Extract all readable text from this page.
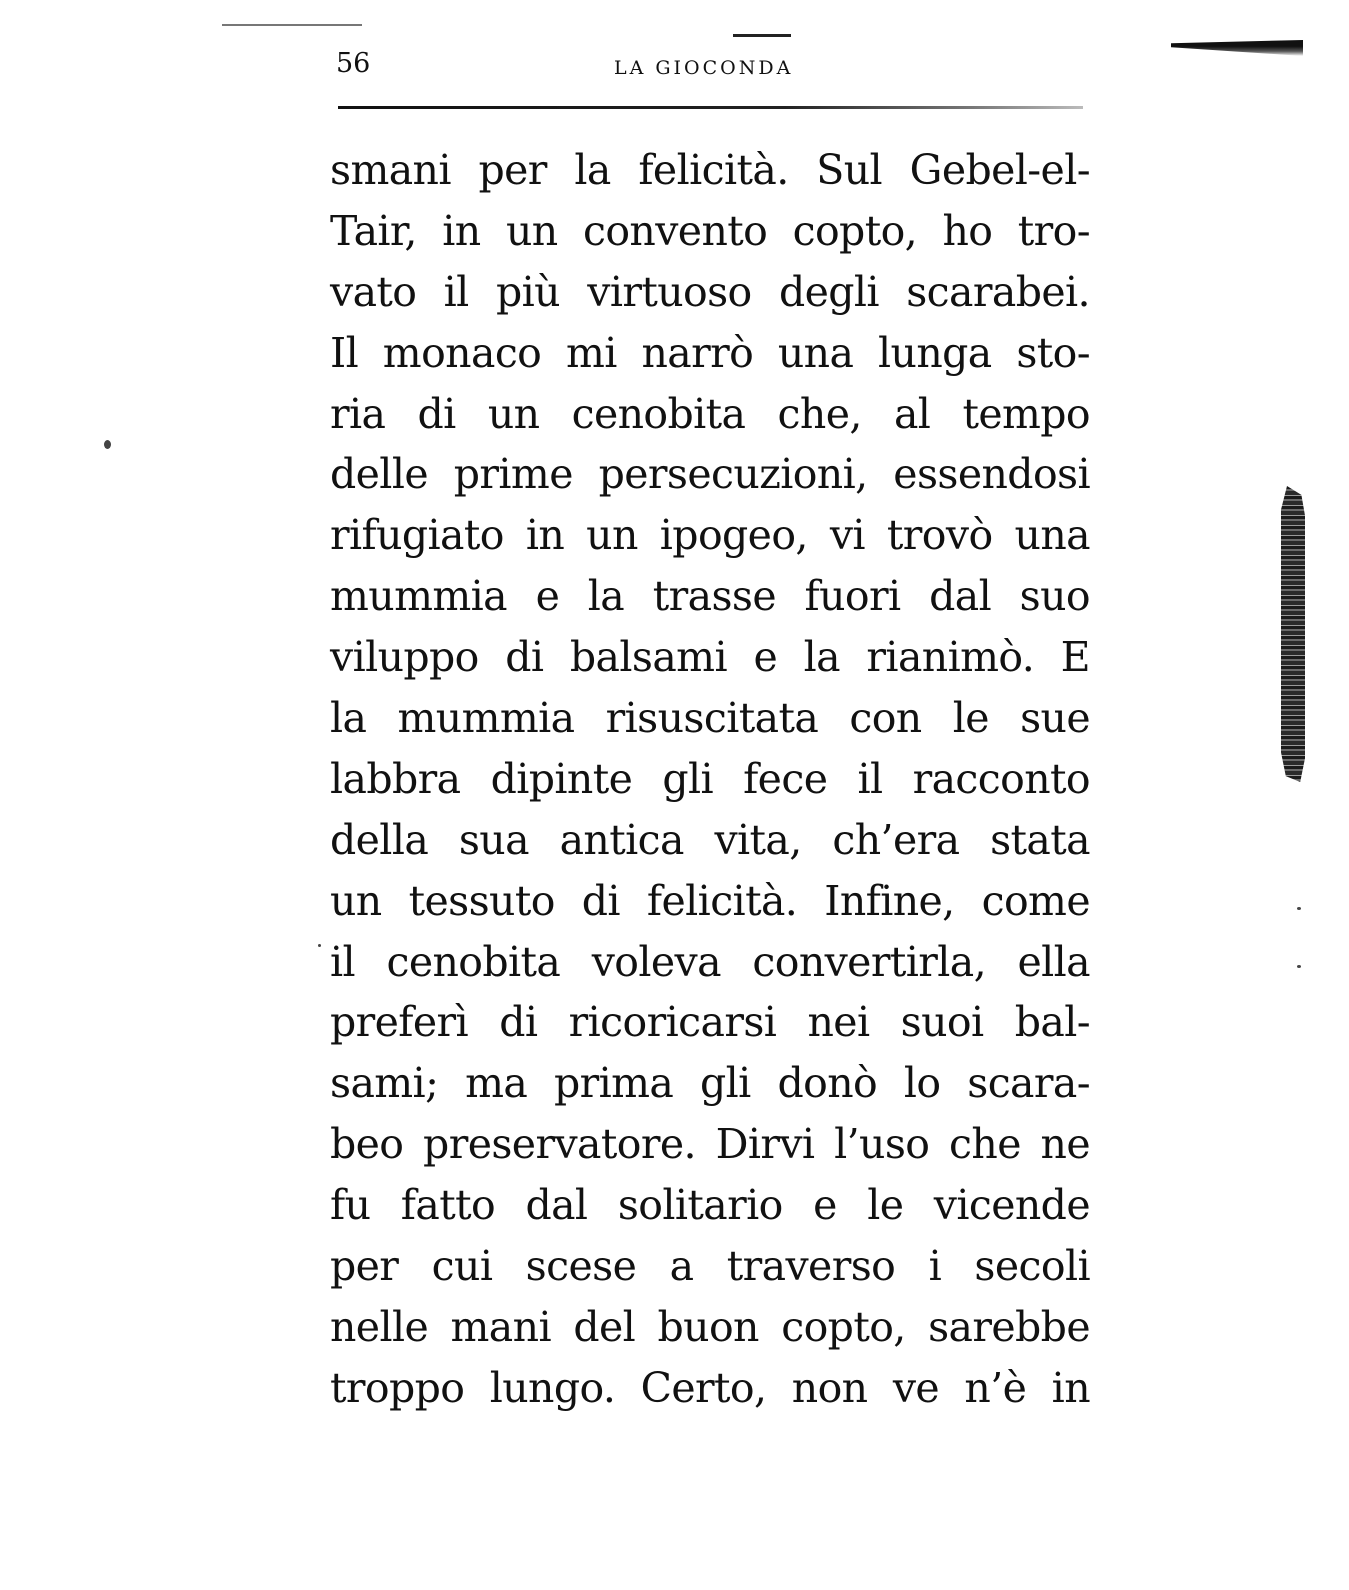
56	LA GIOCONDA
smani per la felicità. Sul Gebel-el-
Tair, in un convento copto, ho tro-
vato il più virtuoso degli scarabei.
Il monaco mi narrò una lunga sto-
ria di un cenobita che, al tempo
delle prime persecuzioni, essendosi
rifugiato in un ipogeo, vi trovò una
mummia e la trasse fuori dal suo
viluppo di balsami e la rianimò. E
la mummia risuscitata con le sue
labbra dipinte gli fece il racconto
della sua antica vita, ch’era stata
un tessuto di felicità. Infine, come
il cenobita voleva convertirla, ella
preferì di ricoricarsi nei suoi bal-
sami; ma prima gli donò lo scara-
beo preservatore. Dirvi l’uso che ne
fu fatto dal solitario e le vicende
per cui scese a traverso i secoli
nelle mani del buon copto, sarebbe
troppo lungo. Certo, non ve n’è in
